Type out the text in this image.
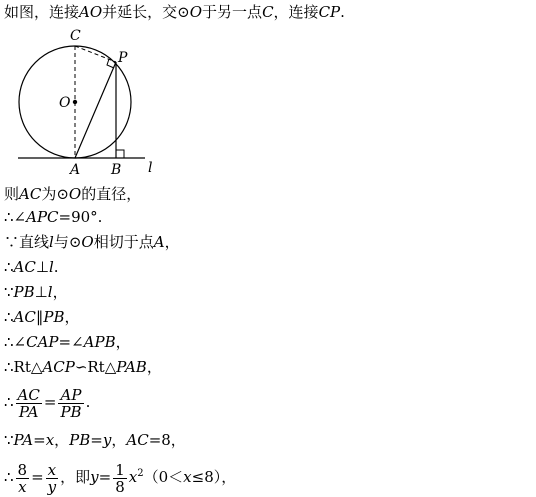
如图，连接AO并延长，交⊙O于另一点C，连接CP.
C
P
O
A B l
则AC为⊙O的直径，
∴∠APC=90°.
∵直线l与⊙O相切于点A，
∴AC⊥l.
∵PB⊥l，
∴AC∥PB，
∴∠CAP=∠APB，
∴Rt△ACP∽Rt△PAB，
∴ $\frac{AC}{PA} = \frac{AP}{PB}$ .
∵PA=x，PB=y，AC=8，
∴ $\frac{8}{x} = \frac{x}{y}$ ，即$y= \frac{1}{8} x^2(0<x\le 8)$，
